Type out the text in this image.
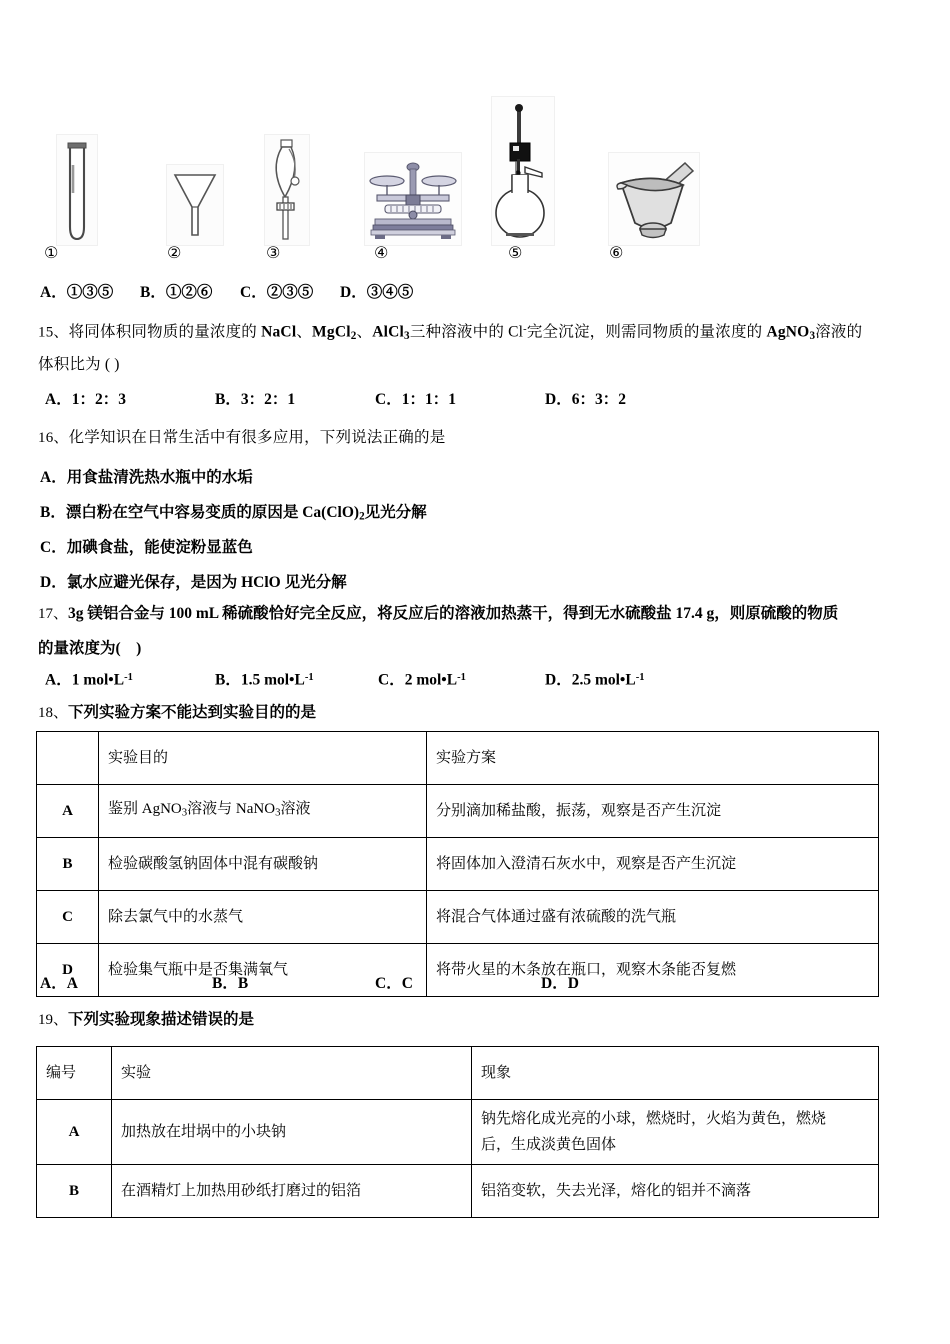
①	②	③	④	⑤	⑥
A．①③⑤ B．①②⑥ C．②③⑤ D．③④⑤
15、将同体积同物质的量浓度的 NaCl、MgCl$_2$、AlCl$_3$三种溶液中的 Cl-完全沉淀，则需同物质的量浓度的 AgNO$_3$溶液的
体积比为 ( )
A．1：2：3	B．3：2：1	C．1：1：1	D．6：3：2
16、化学知识在日常生活中有很多应用，下列说法正确的是
A．用食盐清洗热水瓶中的水垢
B．漂白粉在空气中容易变质的原因是 $Ca(ClO)_2$见光分解
C．加碘食盐，能使淀粉显蓝色
D．氯水应避光保存，是因为 HClO 见光分解
17、3g 镁铝合金与 100 mL 稀硫酸恰好完全反应，将反应后的溶液加热蒸干，得到无水硫酸盐 17.4 g，则原硫酸的物质
的量浓度为(　)
A．1 $mol•L^{-1}$	B．1.5 $mol•L^{-1}$	C．2 $mol•L^{-1}$	D．2.5 $mol•L^{-1}$
18、下列实验方案不能达到实验目的的是
	实验目的	实验方案
A	鉴别 AgNO$_3$溶液与 NaNO$_3$溶液	分别滴加稀盐酸，振荡，观察是否产生沉淀
B	检验碳酸氢钠固体中混有碳酸钠	将固体加入澄清石灰水中，观察是否产生沉淀
C	除去氯气中的水蒸气	将混合气体通过盛有浓硫酸的洗气瓶
D	检验集气瓶中是否集满氧气	将带火星的木条放在瓶口，观察木条能否复燃
A．A	B．B	C．C	D．D
19、下列实验现象描述错误的是
编号	实验	现象
A	加热放在坩埚中的小块钠	钠先熔化成光亮的小球，燃烧时，火焰为黄色，燃烧
后，生成淡黄色固体

B	在酒精灯上加热用砂纸打磨过的铝箔	铝箔变软，失去光泽，熔化的铝并不滴落
